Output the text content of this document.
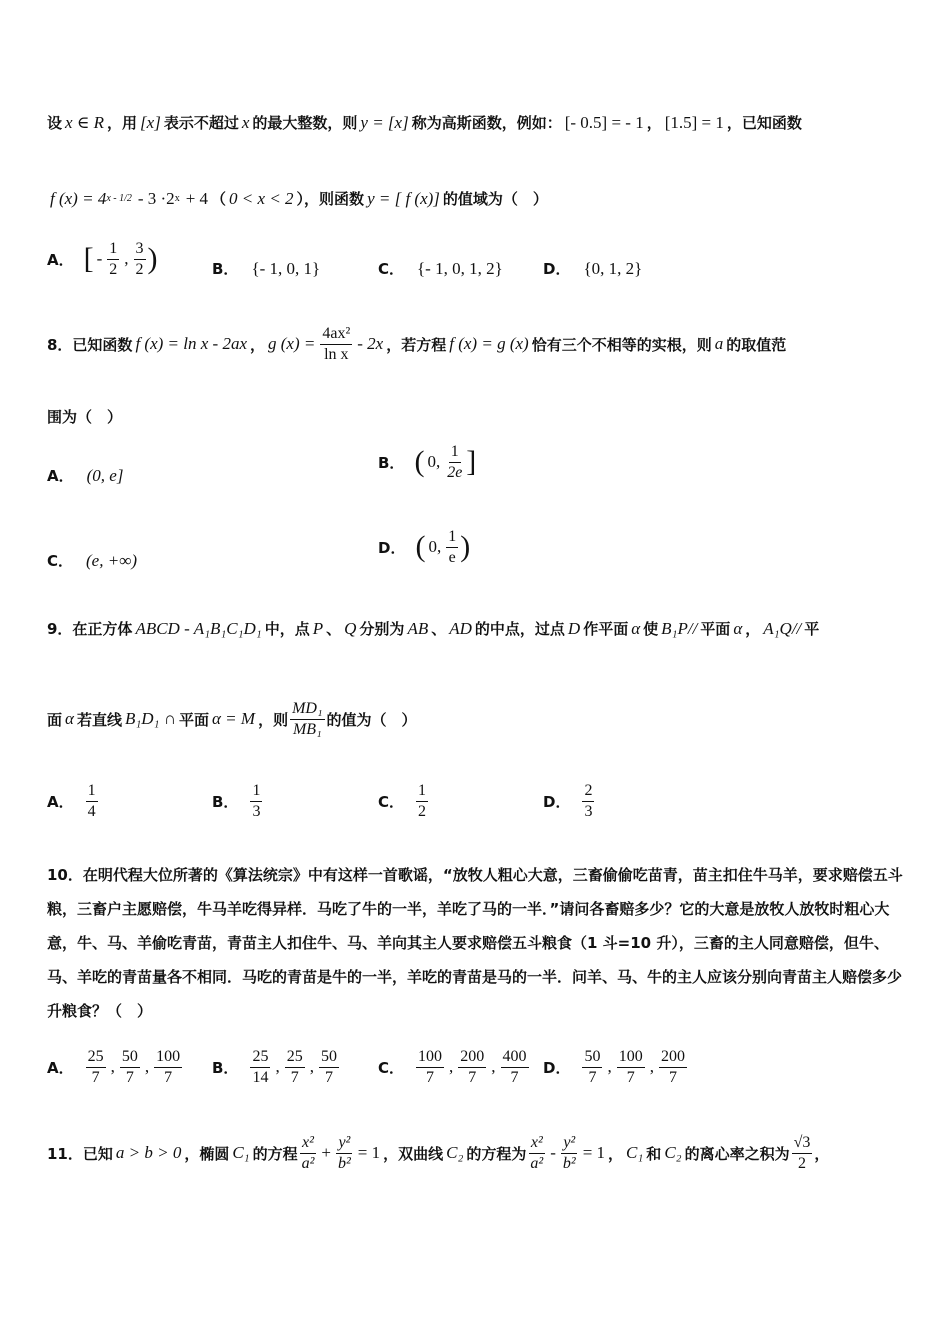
设 x ∈ R ，用 [x] 表示不超过 x 的最大整数，则 y = [x] 称为高斯函数，例如： [- 0.5] = - 1 ， [1.5] = 1 ，已知函数
f (x) = 4 x - 1/2 - 3 ·2 x + 4 （ 0 < x < 2 ），则函数 y = [ f (x)] 的值域为（　）
A． [ - $\frac{1}{2}$ , $\frac{3}{2}$ )	B． {- 1, 0, 1}	C． {- 1, 0, 1, 2}	D． {0, 1, 2}
8．已知函数 f (x) = ln x - 2ax ， g $(x) = \frac{\text{4ax²}}{\text{ln x}} - 2x$ ，若方程 f (x) = g (x) 恰有三个不相等的实根，则 a 的取值范
围为（　）
A． (0, e]
B． ( 0, $\frac{1}{2e}$ ]
C． (e, +∞)
D． ( 0, $\frac{1}{e}$ )
9．在正方体 ABCD - A₁B₁C₁D₁ 中，点 P 、 Q 分别为 AB 、 AD 的中点，过点 D 作平面 α 使 B₁P// 平面 α ， A₁Q// 平
面 α 若直线 B₁D₁ ∩ 平面 α = M ，则 $\frac{\text{MD₁}}{\text{MB₁}}$ 的值为（　）
A． $\frac{1}{4}$	B． $\frac{1}{3}$	C． $\frac{1}{2}$	D． $\frac{2}{3}$
10．在明代程大位所著的《算法统宗》中有这样一首歌谣，“放牧人粗心大意，三畜偷偷吃苗青，苗主扣住牛马羊，要求赔偿五斗粮，三畜户主愿赔偿，牛马羊吃得异样．马吃了牛的一半，羊吃了马的一半．”请问各畜赔多少？它的大意是放牧人放牧时粗心大意，牛、马、羊偷吃青苗，青苗主人扣住牛、马、羊向其主人要求赔偿五斗粮食（1 斗=10 升），三畜的主人同意赔偿，但牛、马、羊吃的青苗量各不相同．马吃的青苗是牛的一半，羊吃的青苗是马的一半．问羊、马、牛的主人应该分别向青苗主人赔偿多少升粮食？（　）
A． $\frac{25}{7}$ , $\frac{50}{7}$ , $\frac{100}{7}$ B． $\frac{25}{14}$ , $\frac{25}{7}$ , $\frac{50}{7}$	C． $\frac{100}{7}$ , $\frac{200}{7}$ , $\frac{400}{7}$ D． $\frac{50}{7}$ , $\frac{100}{7}$ , $\frac{200}{7}$
11．已知 a > b > 0 ，椭圆 C₁ 的方程 $\frac{\text{x²}}{\text{a²}} + \frac{\text{y²}}{\text{b²}} = 1$ ，双曲线 C₂ 的方程为 $\frac{\text{x²}}{\text{a²}} - \frac{\text{y²}}{\text{b²}} = 1$ ， C₁ 和 C₂ 的离心率之积为 $\frac{√3}{2}$ ，
